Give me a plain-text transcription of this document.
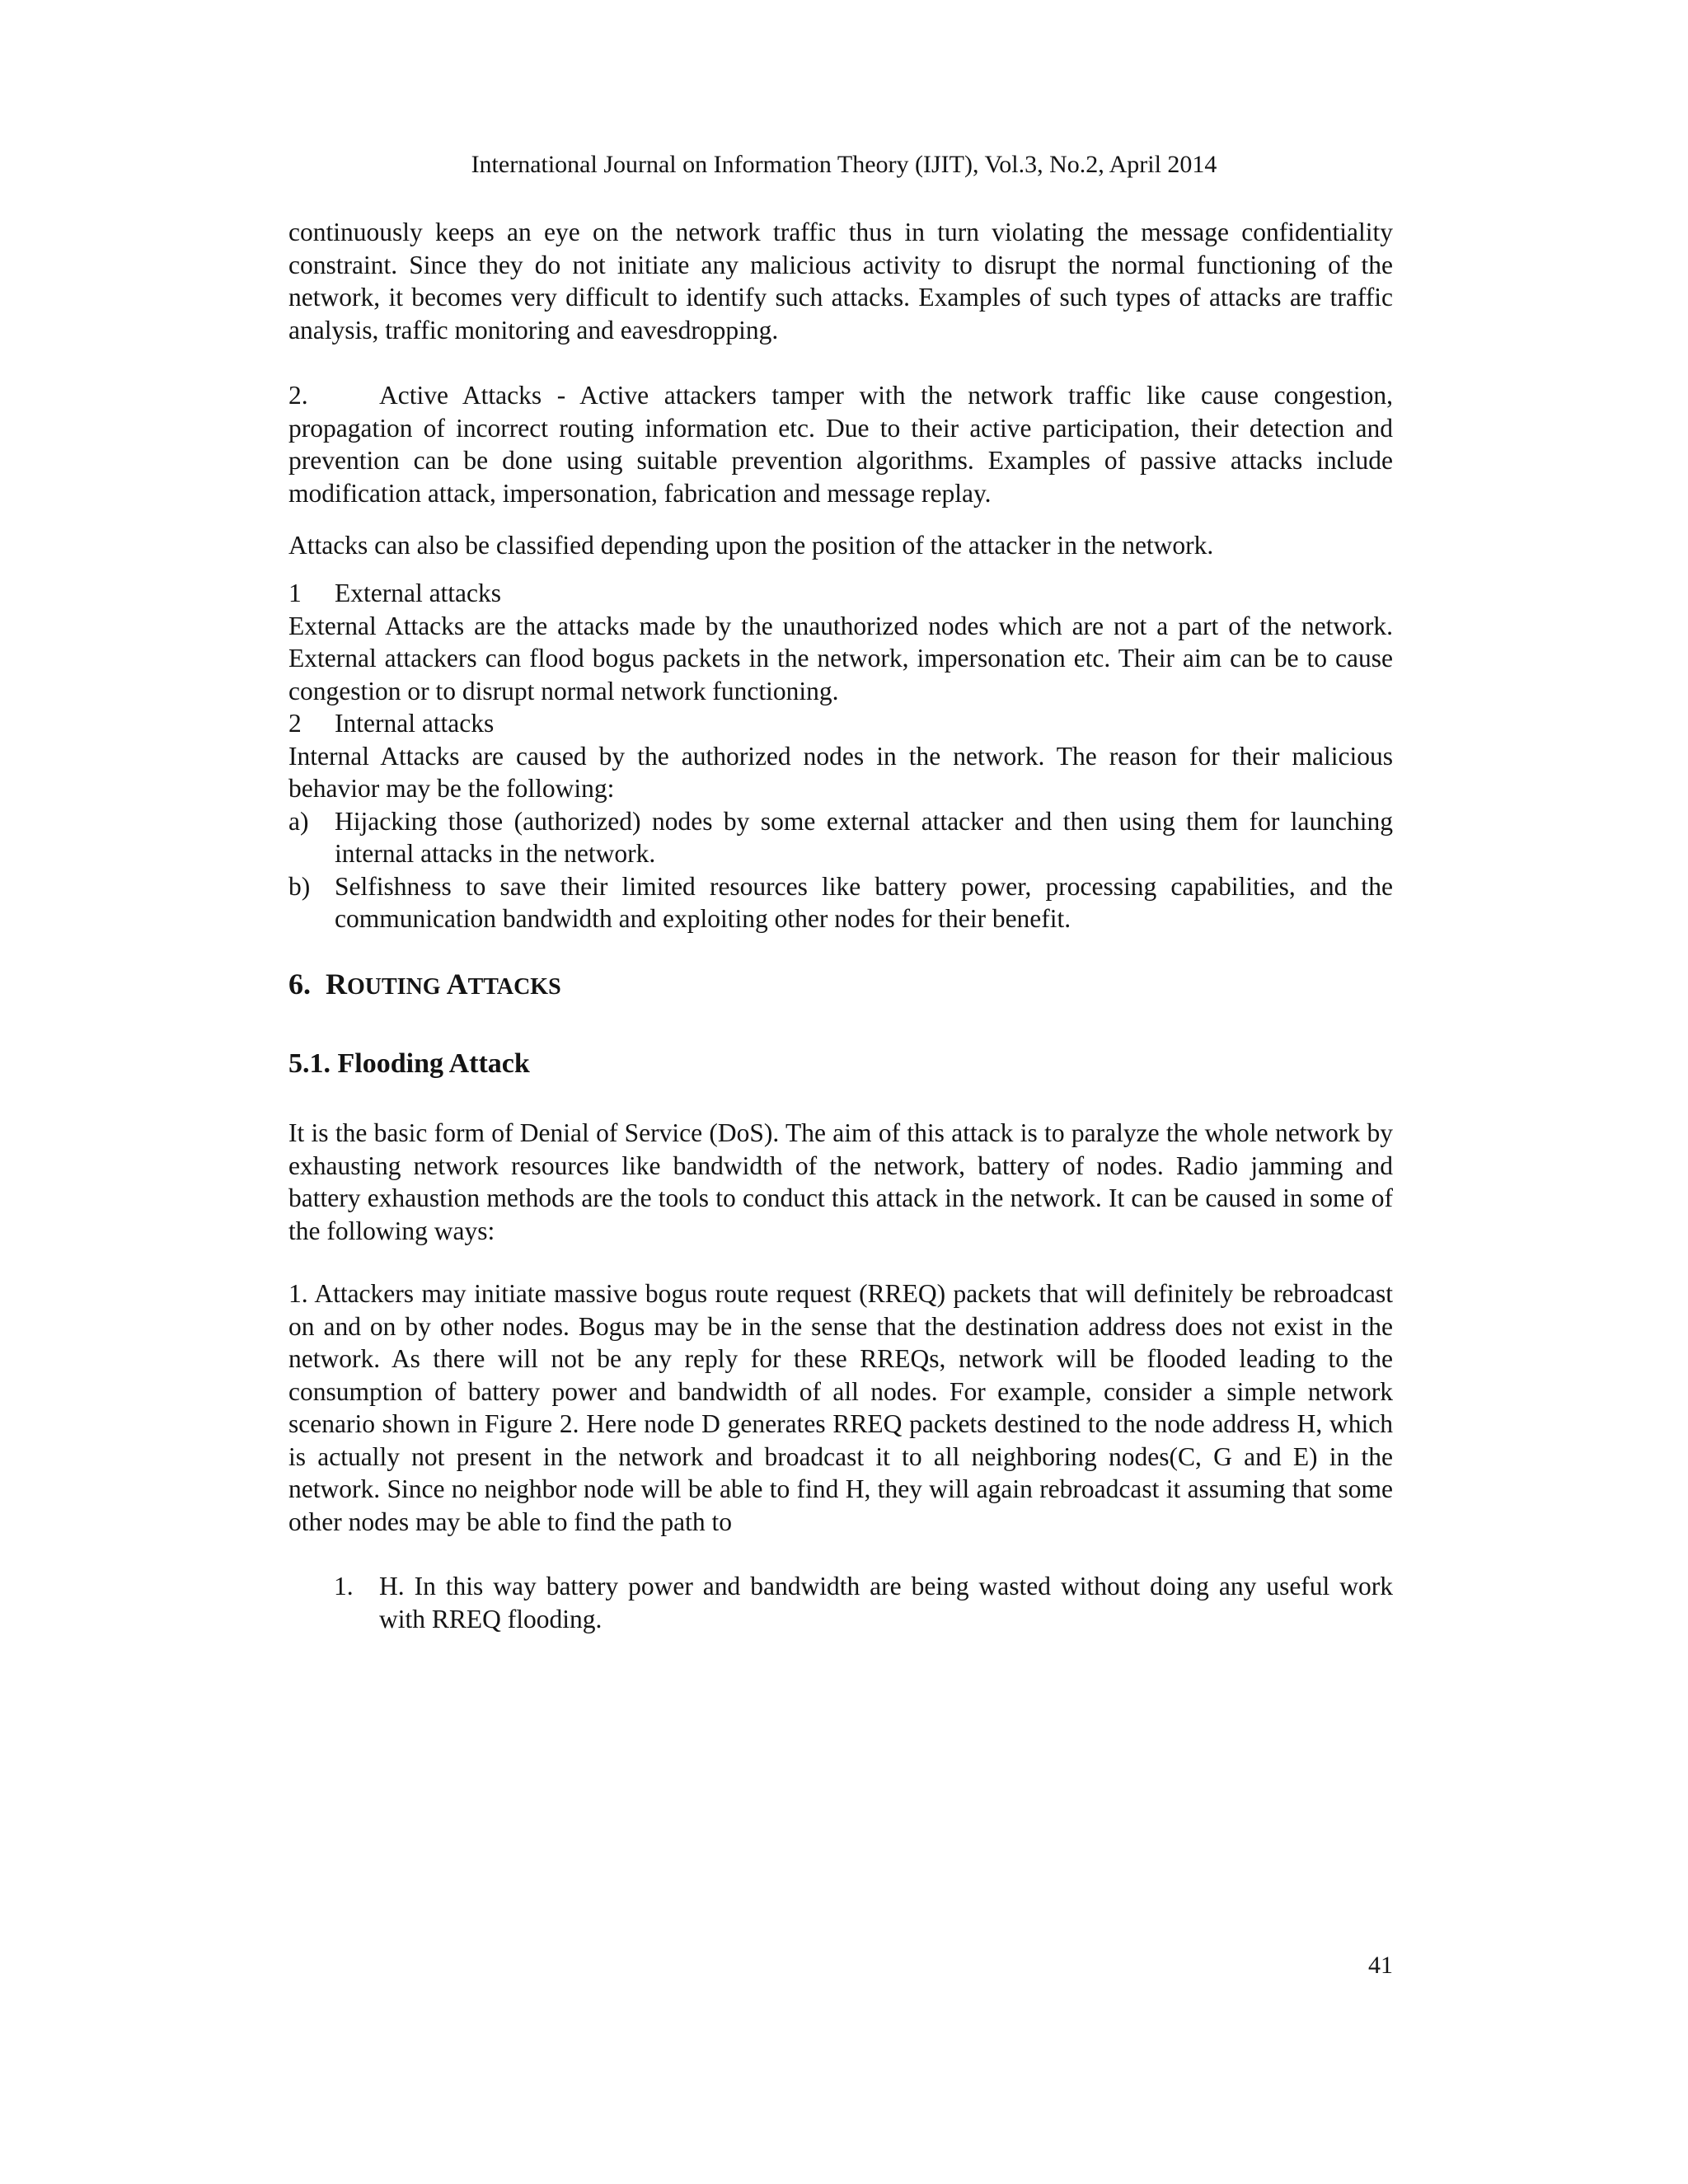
International Journal on Information Theory (IJIT), Vol.3, No.2, April 2014

continuously keeps an eye on the network traffic thus in turn violating the message confidentiality constraint. Since they do not initiate any malicious activity to disrupt the normal functioning of the network, it becomes very difficult to identify such attacks. Examples of such types of attacks are traffic analysis, traffic monitoring and eavesdropping.

2.	Active Attacks - Active attackers tamper with the network traffic like cause congestion, propagation of incorrect routing information etc. Due to their active participation, their detection and prevention can be done using suitable prevention algorithms. Examples of passive attacks include modification attack, impersonation, fabrication and message replay.

Attacks can also be classified depending upon the position of the attacker in the network.

1	External attacks

External Attacks are the attacks made by the unauthorized nodes which are not a part of the network. External attackers can flood bogus packets in the network, impersonation etc. Their aim can be to cause congestion or to disrupt normal network functioning.

2	Internal attacks

Internal Attacks are caused by the authorized nodes in the network. The reason for their malicious behavior may be the following:

a)	Hijacking those (authorized) nodes by some external attacker and then using them for launching internal attacks in the network.
b) Selfishness to save their limited resources like battery power, processing capabilities, and the communication bandwidth and exploiting other nodes for their benefit.
6. ROUTING ATTACKS
5.1. Flooding Attack

It is the basic form of Denial of Service (DoS). The aim of this attack is to paralyze the whole network by exhausting network resources like bandwidth of the network, battery of nodes. Radio jamming and battery exhaustion methods are the tools to conduct this attack in the network. It can be caused in some of the following ways:

1. Attackers may initiate massive bogus route request (RREQ) packets that will definitely be rebroadcast on and on by other nodes. Bogus may be in the sense that the destination address does not exist in the network. As there will not be any reply for these RREQs, network will be flooded leading to the consumption of battery power and bandwidth of all nodes. For example, consider a simple network scenario shown in Figure 2. Here node D generates RREQ packets destined to the node address H, which is actually not present in the network and broadcast it to all neighboring nodes(C, G and E) in the network. Since no neighbor node will be able to find H, they will again rebroadcast it assuming that some other nodes may be able to find the path to

1. H. In this way battery power and bandwidth are being wasted without doing any useful work with RREQ flooding.
41
